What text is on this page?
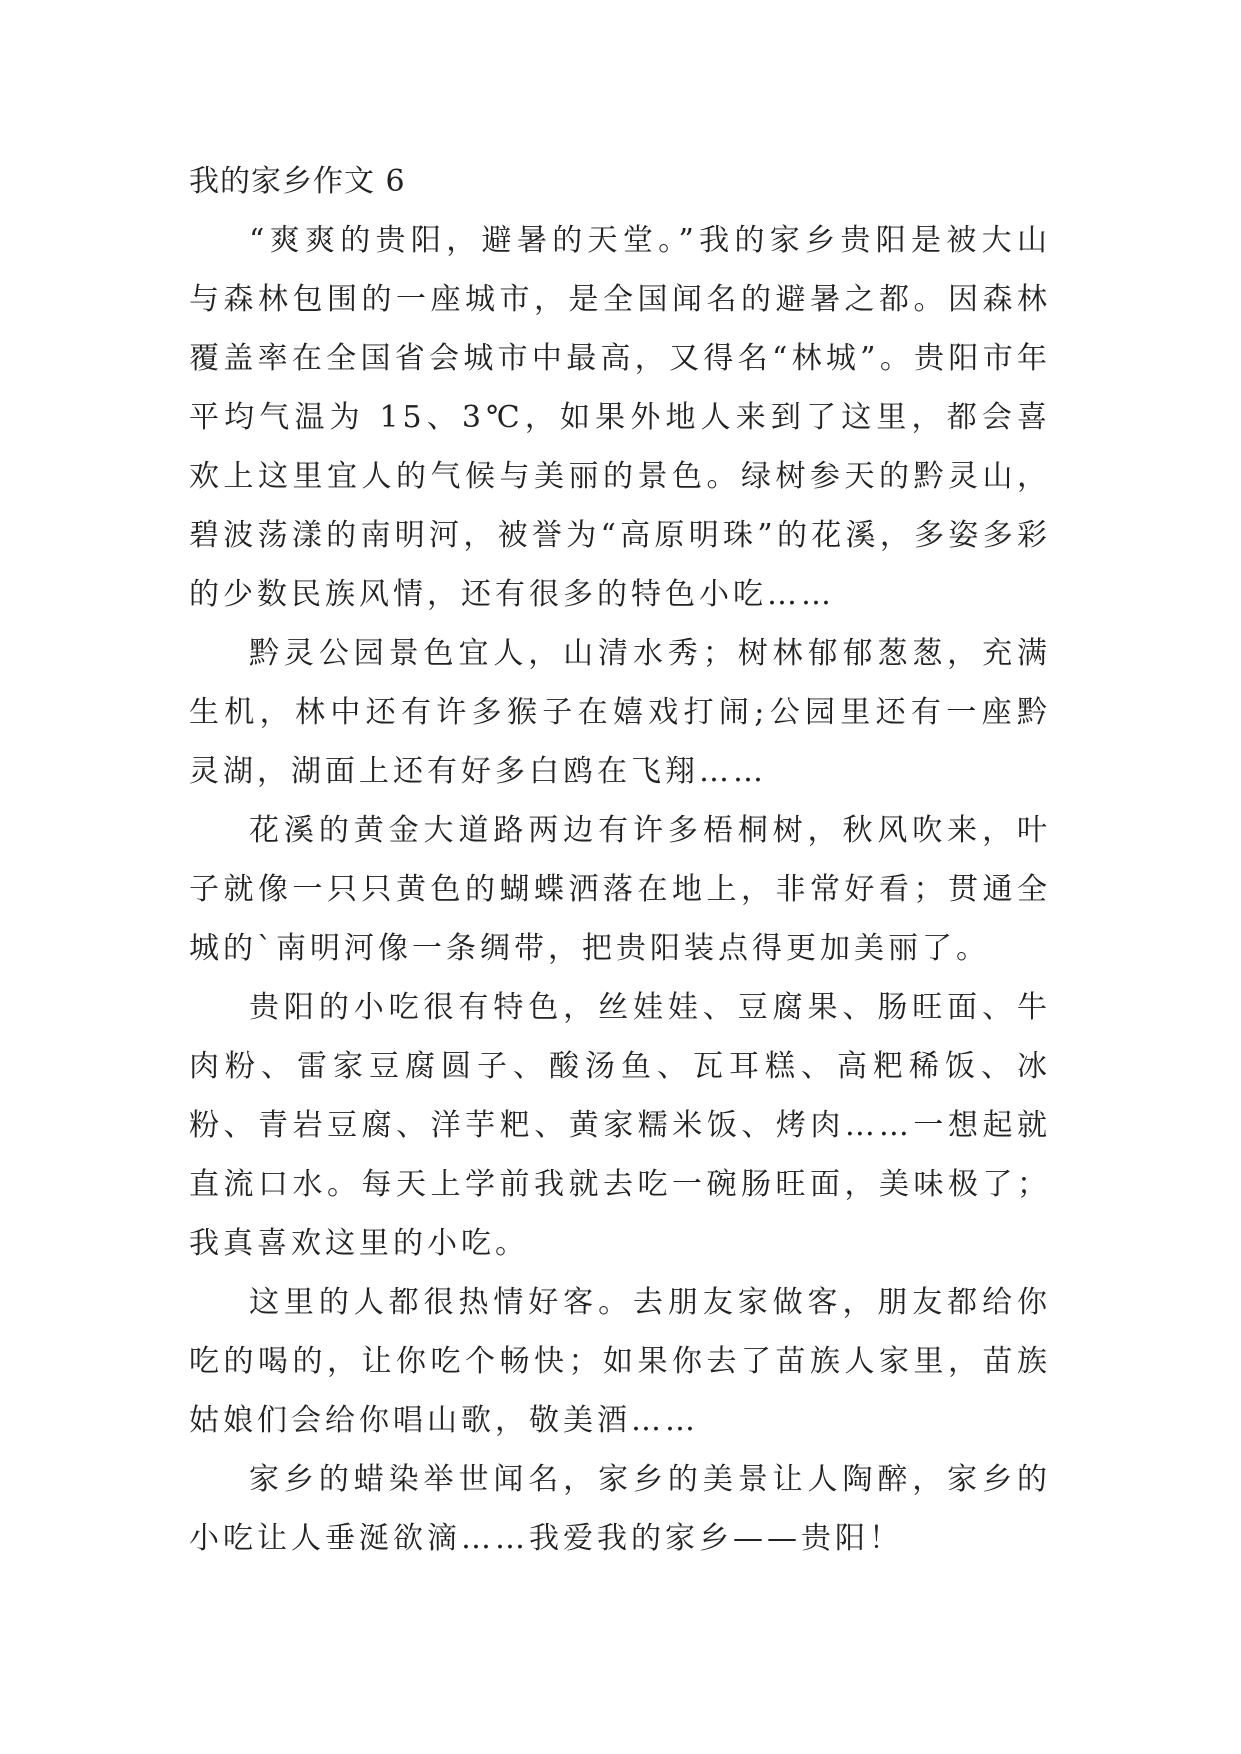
我的家乡作文 6

“爽爽的贵阳，避暑的天堂。”我的家乡贵阳是被大山与森林包围的一座城市，是全国闻名的避暑之都。因森林覆盖率在全国省会城市中最高，又得名“林城”。贵阳市年平均气温为 15、3℃，如果外地人来到了这里，都会喜欢上这里宜人的气候与美丽的景色。绿树参天的黔灵山，碧波荡漾的南明河，被誉为“高原明珠”的花溪，多姿多彩的少数民族风情，还有很多的特色小吃……

黔灵公园景色宜人，山清水秀；树林郁郁葱葱，充满生机，林中还有许多猴子在嬉戏打闹;公园里还有一座黔灵湖，湖面上还有好多白鸥在飞翔……

花溪的黄金大道路两边有许多梧桐树，秋风吹来，叶子就像一只只黄色的蝴蝶洒落在地上，非常好看；贯通全城的`南明河像一条绸带，把贵阳装点得更加美丽了。

贵阳的小吃很有特色，丝娃娃、豆腐果、肠旺面、牛肉粉、雷家豆腐圆子、酸汤鱼、瓦耳糕、高粑稀饭、冰粉、青岩豆腐、洋芋粑、黄家糯米饭、烤肉……一想起就直流口水。每天上学前我就去吃一碗肠旺面，美味极了；我真喜欢这里的小吃。

这里的人都很热情好客。去朋友家做客，朋友都给你吃的喝的，让你吃个畅快；如果你去了苗族人家里，苗族姑娘们会给你唱山歌，敬美酒……

家乡的蜡染举世闻名，家乡的美景让人陶醉，家乡的小吃让人垂涎欲滴……我爱我的家乡——贵阳！
